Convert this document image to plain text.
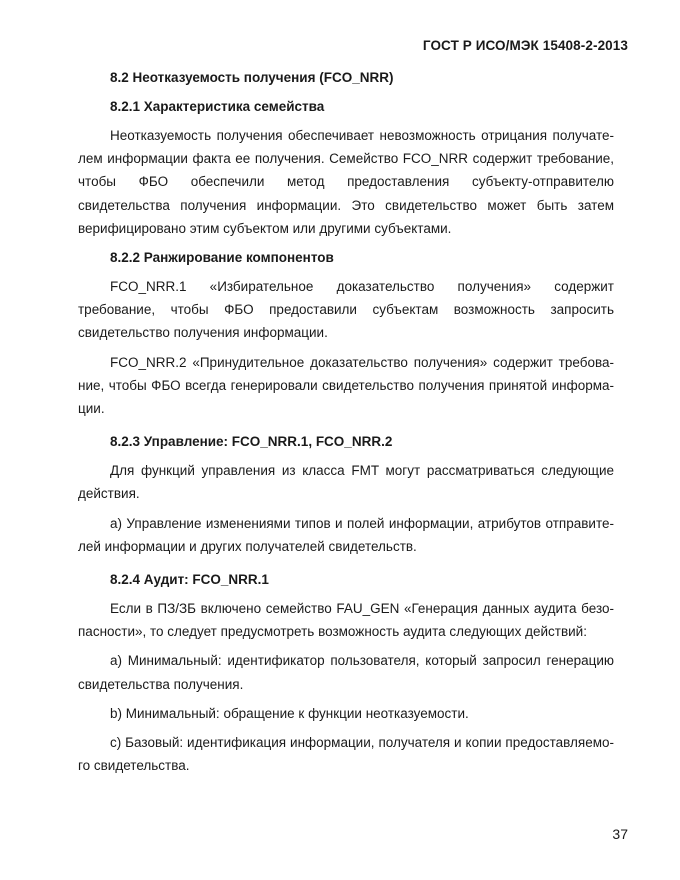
ГОСТ Р ИСО/МЭК 15408-2-2013
8.2 Неотказуемость получения (FCO_NRR)
8.2.1 Характеристика семейства
Неотказуемость получения обеспечивает невозможность отрицания получателем информации факта ее получения. Семейство FCO_NRR содержит требование, чтобы ФБО обеспечили метод предоставления субъекту-отправителю свидетельства получения информации. Это свидетельство может быть затем верифицировано этим субъектом или другими субъектами.
8.2.2 Ранжирование компонентов
FCO_NRR.1 «Избирательное доказательство получения» содержит требование, чтобы ФБО предоставили субъектам возможность запросить свидетельство получения информации.
FCO_NRR.2 «Принудительное доказательство получения» содержит требование, чтобы ФБО всегда генерировали свидетельство получения принятой информации.
8.2.3 Управление: FCO_NRR.1, FCO_NRR.2
Для функций управления из класса FMT могут рассматриваться следующие действия.
а) Управление изменениями типов и полей информации, атрибутов отправителей информации и других получателей свидетельств.
8.2.4 Аудит: FCO_NRR.1
Если в ПЗ/ЗБ включено семейство FAU_GEN «Генерация данных аудита безопасности», то следует предусмотреть возможность аудита следующих действий:
а) Минимальный: идентификатор пользователя, который запросил генерацию свидетельства получения.
b) Минимальный: обращение к функции неотказуемости.
с) Базовый: идентификация информации, получателя и копии предоставляемого свидетельства.
37
